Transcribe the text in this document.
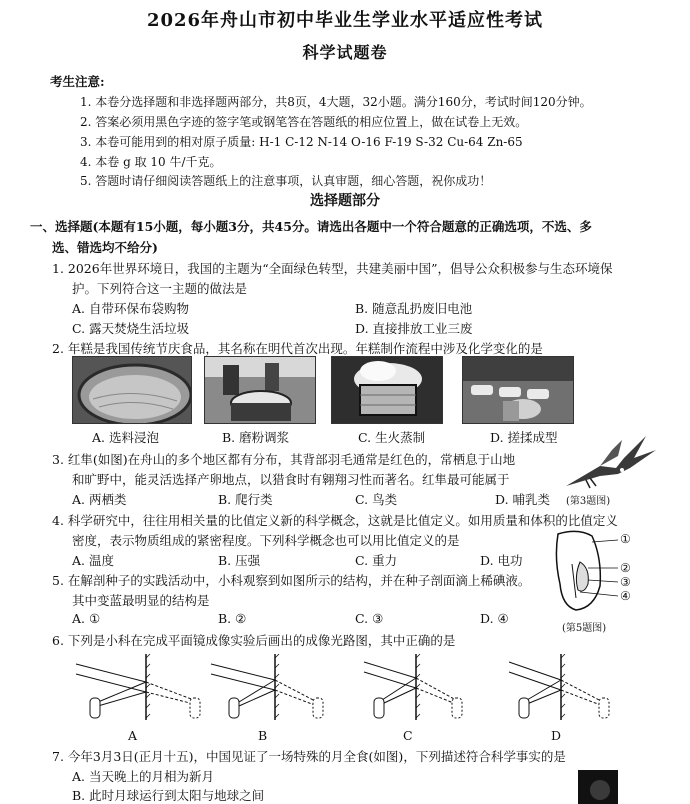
2026年舟山市初中毕业生学业水平适应性考试
科学试题卷
考生注意:
1. 本卷分选择题和非选择题两部分，共8页，4大题，32小题。满分160分，考试时间120分钟。
2. 答案必须用黑色字迹的签字笔或钢笔答在答题纸的相应位置上，做在试卷上无效。
3. 本卷可能用到的相对原子质量: H-1 C-12 N-14 O-16 F-19 S-32 Cu-64 Zn-65
4. 本卷 g 取 10 牛/千克。
5. 答题时请仔细阅读答题纸上的注意事项，认真审题，细心答题，祝你成功！
选择题部分
一、选择题(本题有15小题，每小题3分，共45分。请选出各题中一个符合题意的正确选项，不选、多
选、错选均不给分)
1. 2026年世界环境日，我国的主题为“全面绿色转型，共建美丽中国”，倡导公众积极参与生态环境保
护。下列符合这一主题的做法是
A. 自带环保布袋购物	B. 随意乱扔废旧电池
C. 露天焚烧生活垃圾	D. 直接排放工业三废
2. 年糕是我国传统节庆食品，其名称在明代首次出现。年糕制作流程中涉及化学变化的是
A. 选料浸泡	B. 磨粉调浆	C. 生火蒸制	D. 搓揉成型
3. 红隼(如图)在舟山的多个地区都有分布，其背部羽毛通常是红色的，常栖息于山地
和旷野中，能灵活选择产卵地点，以猎食时有翱翔习性而著名。红隼最可能属于
A. 两栖类	B. 爬行类	C. 鸟类	D. 哺乳类 (第3题图)
4. 科学研究中，往往用相关量的比值定义新的科学概念，这就是比值定义。如用质量和体积的比值定义
密度，表示物质组成的紧密程度。下列科学概念也可以用比值定义的是
A. 温度	B. 压强	C. 重力	D. 电功
①
②
③
④
(第5题图)
5. 在解剖种子的实践活动中，小科观察到如图所示的结构，并在种子剖面滴上稀碘液。
其中变蓝最明显的结构是
A. ①	B. ②	C. ③	D. ④
6. 下列是小科在完成平面镜成像实验后画出的成像光路图，其中正确的是
A	B	C	D
7. 今年3月3日(正月十五)，中国见证了一场特殊的月全食(如图)，下列描述符合科学事实的是
A. 当天晚上的月相为新月
B. 此时月球运行到太阳与地球之间
